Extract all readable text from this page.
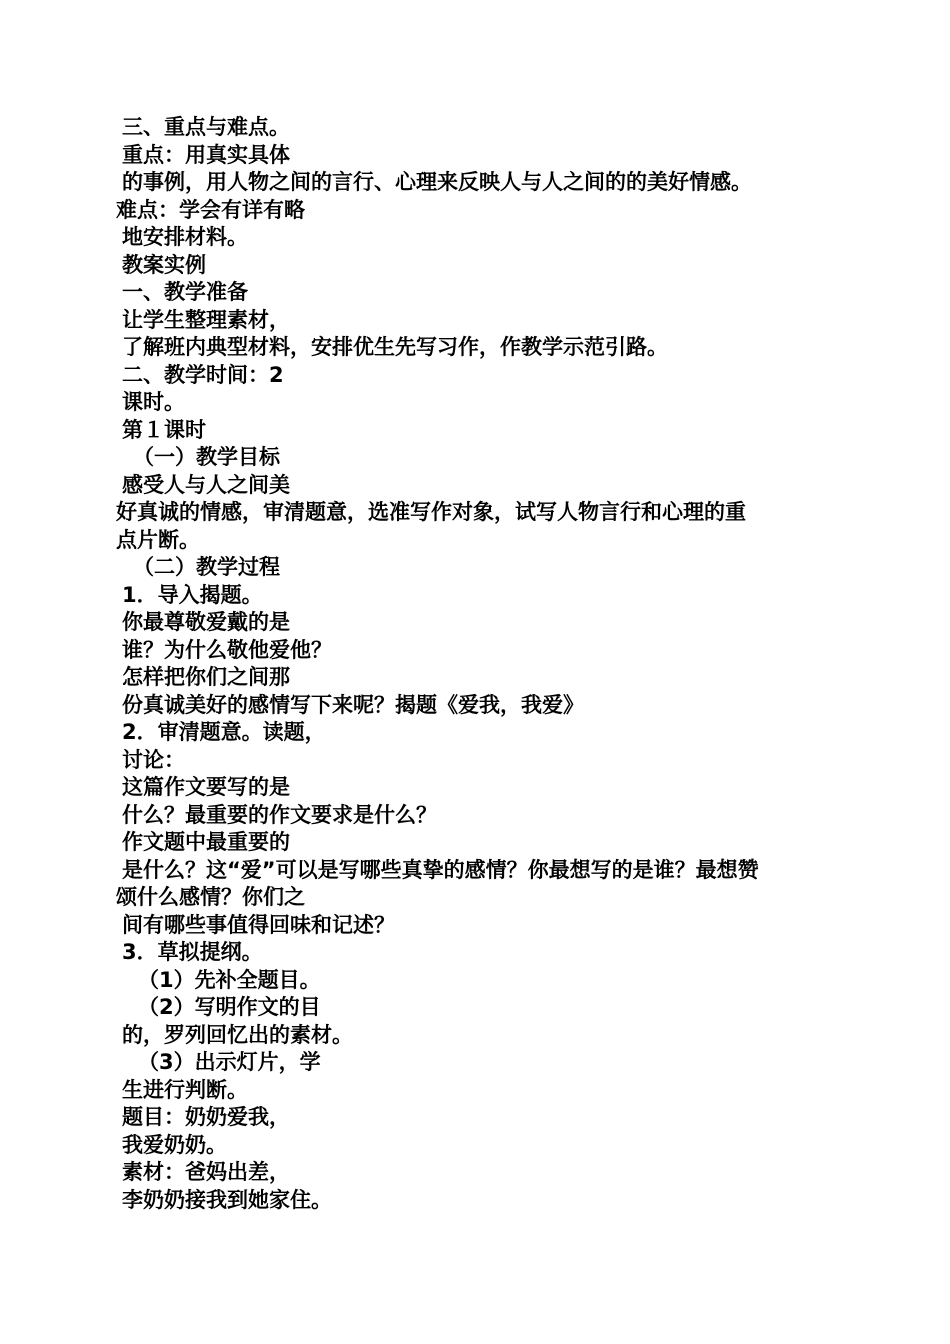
三、重点与难点。
重点：用真实具体
的事例，用人物之间的言行、心理来反映人与人之间的的美好情感。
难点：学会有详有略
地安排材料。
教案实例
一、教学准备
让学生整理素材，
了解班内典型材料，安排优生先写习作，作教学示范引路。
二、教学时间：2
课时。
第１课时
（一）教学目标
感受人与人之间美
好真诚的情感，审清题意，选准写作对象，试写人物言行和心理的重
点片断。
（二）教学过程
1．导入揭题。
你最尊敬爱戴的是
谁？为什么敬他爱他？
怎样把你们之间那
份真诚美好的感情写下来呢？揭题《爱我，我爱》
2．审清题意。读题，
讨论：
这篇作文要写的是
什么？最重要的作文要求是什么？
作文题中最重要的
是什么？这“爱”可以是写哪些真挚的感情？你最想写的是谁？最想赞
颂什么感情？你们之
间有哪些事值得回味和记述？
3．草拟提纲。
（1）先补全题目。
（2）写明作文的目
的，罗列回忆出的素材。
（3）出示灯片，学
生进行判断。
题目：奶奶爱我，
我爱奶奶。
素材：爸妈出差，
李奶奶接我到她家住。
